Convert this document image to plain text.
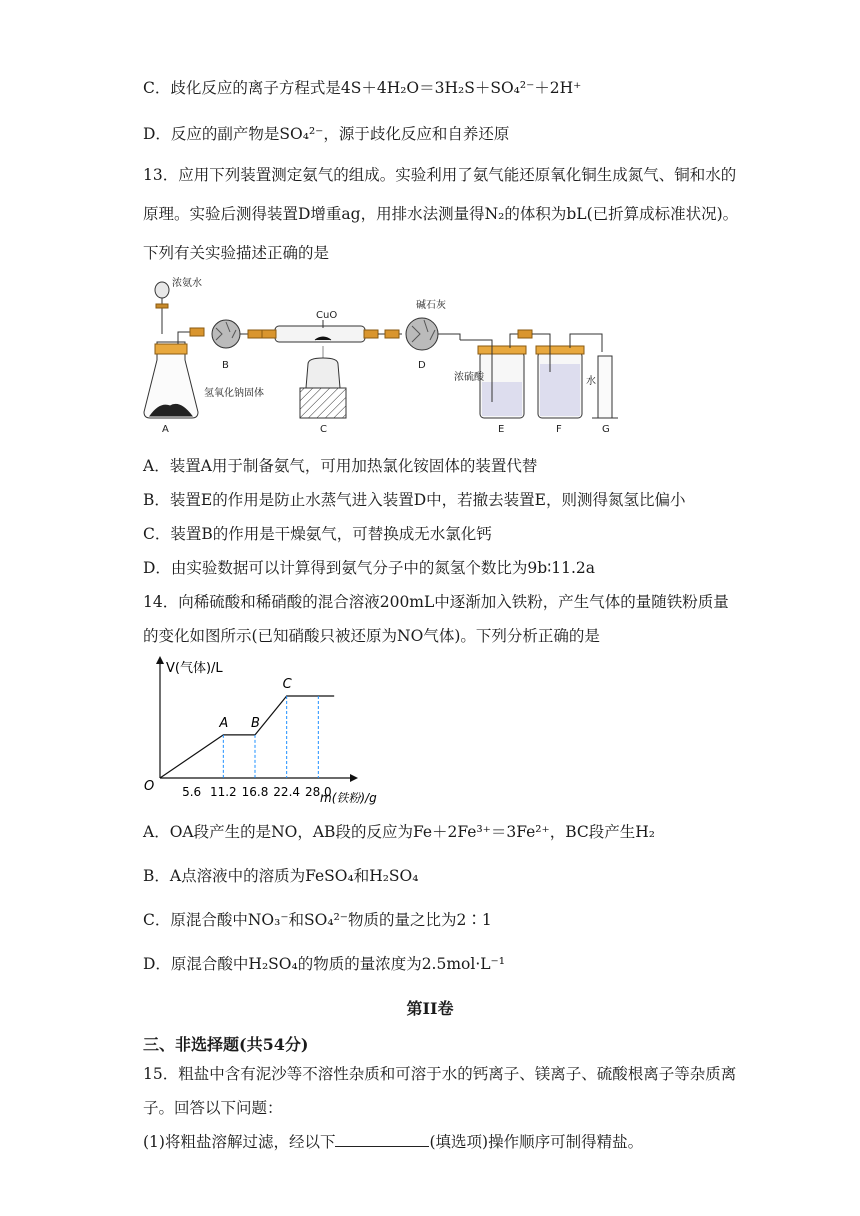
C．歧化反应的离子方程式是4S＋4H₂O＝3H₂S＋SO₄²⁻＋2H⁺
D．反应的副产物是SO₄²⁻，源于歧化反应和自养还原
13．应用下列装置测定氨气的组成。实验利用了氨气能还原氧化铜生成氮气、铜和水的
原理。实验后测得装置D增重ag，用排水法测量得N₂的体积为bL(已折算成标准状况)。
下列有关实验描述正确的是
浓氨水
氢氧化钠固体
CuO
碱石灰
浓硫酸	水
A
B
C
D
E	F	G
A．装置A用于制备氨气，可用加热氯化铵固体的装置代替
B．装置E的作用是防止水蒸气进入装置D中，若撤去装置E，则测得氮氢比偏小
C．装置B的作用是干燥氨气，可替换成无水氯化钙
D．由实验数据可以计算得到氨气分子中的氮氢个数比为9b∶11.2a
14．向稀硫酸和稀硝酸的混合溶液200mL中逐渐加入铁粉，产生气体的量随铁粉质量
的变化如图所示(已知硝酸只被还原为NO气体)。下列分析正确的是
V(气体)/L
m(铁粉)/g
O 5.6 11.2 16.8 22.4 28.0
A B
C
A．OA段产生的是NO，AB段的反应为Fe＋2Fe³⁺＝3Fe²⁺，BC段产生H₂
B．A点溶液中的溶质为FeSO₄和H₂SO₄
C．原混合酸中NO₃⁻和SO₄²⁻物质的量之比为2∶1
D．原混合酸中H₂SO₄的物质的量浓度为2.5mol·L⁻¹
第II卷
三、非选择题(共54分)
15．粗盐中含有泥沙等不溶性杂质和可溶于水的钙离子、镁离子、硫酸根离子等杂质离
子。回答以下问题：
(1)将粗盐溶解过滤，经以下	(填选项)操作顺序可制得精盐。
